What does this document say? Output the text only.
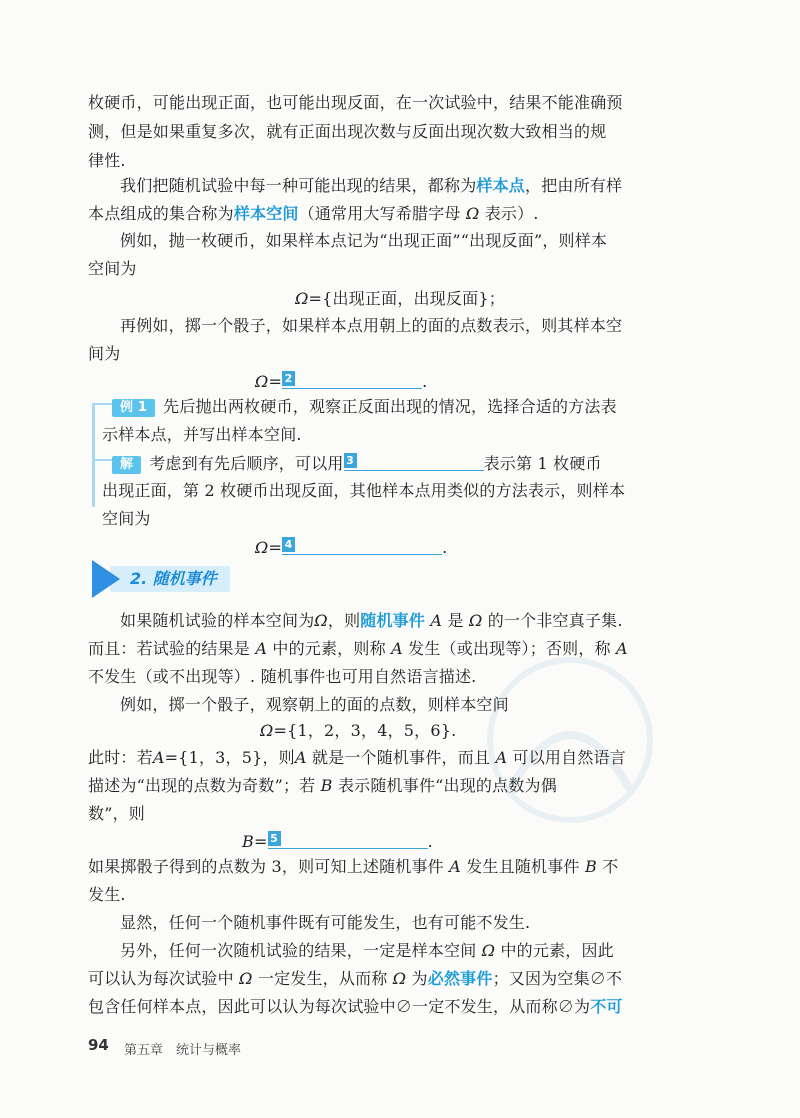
枚硬币，可能出现正面，也可能出现反面，在一次试验中，结果不能准确预
测，但是如果重复多次，就有正面出现次数与反面出现次数大致相当的规
律性.
我们把随机试验中每一种可能出现的结果，都称为样本点，把由所有样
本点组成的集合称为样本空间（通常用大写希腊字母 Ω 表示）.
例如，抛一枚硬币，如果样本点记为“出现正面”“出现反面”，则样本
空间为
Ω={出现正面，出现反面}；
再例如，掷一个骰子，如果样本点用朝上的面的点数表示，则其样本空
间为
Ω= 2	.
例 1 先后抛出两枚硬币，观察正反面出现的情况，选择合适的方法表
示样本点，并写出样本空间.
解 考虑到有先后顺序，可以用 3	表示第 1 枚硬币
出现正面，第 2 枚硬币出现反面，其他样本点用类似的方法表示，则样本
空间为
Ω= 4	.
2. 随机事件
如果随机试验的样本空间为Ω，则随机事件 A 是 Ω 的一个非空真子集.
而且：若试验的结果是 A 中的元素，则称 A 发生（或出现等）；否则，称 A
不发生（或不出现等）. 随机事件也可用自然语言描述.
例如，掷一个骰子，观察朝上的面的点数，则样本空间
Ω={1，2，3，4，5，6}.
此时：若A={1，3，5}，则A 就是一个随机事件，而且 A 可以用自然语言
描述为“出现的点数为奇数”；若 B 表示随机事件“出现的点数为偶
数”，则
B= 5	.
如果掷骰子得到的点数为 3，则可知上述随机事件 A 发生且随机事件 B 不
发生.
显然，任何一个随机事件既有可能发生，也有可能不发生.
另外，任何一次随机试验的结果，一定是样本空间 Ω 中的元素，因此
可以认为每次试验中 Ω 一定发生，从而称 Ω 为必然事件；又因为空集∅不
包含任何样本点，因此可以认为每次试验中∅一定不发生，从而称∅为不可
94 第五章　统计与概率
